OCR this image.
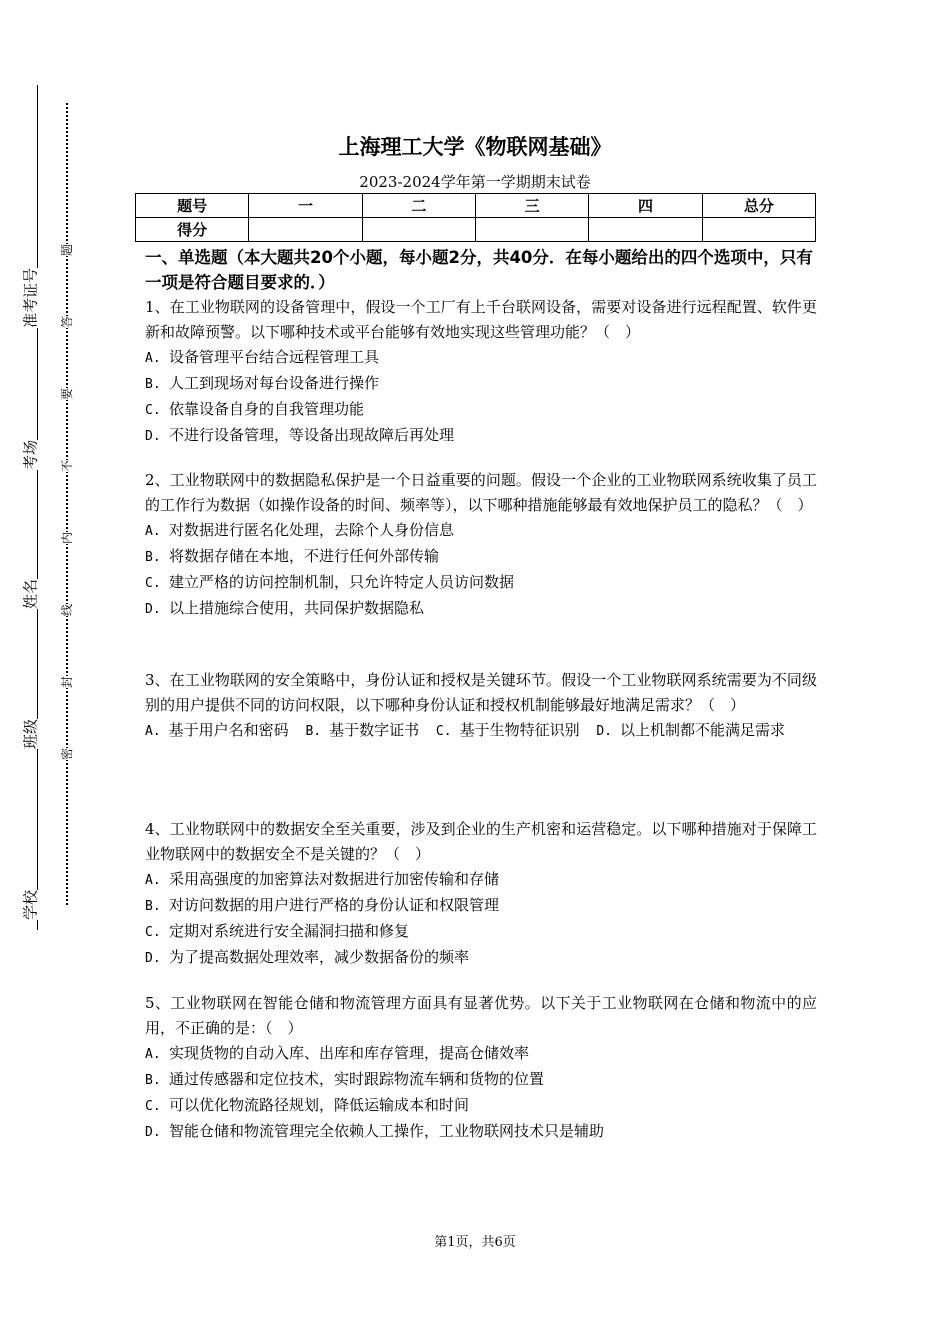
准考证号
考场
姓名
班级
学校
题
答
要
不
内
线
封
密
上海理工大学《物联网基础》
2023-2024学年第一学期期末试卷
题号	一	二	三	四	总分
得分					
一、单选题（本大题共20个小题，每小题2分，共40分．在每小题给出的四个选项中，只有一项是符合题目要求的．）

1、在工业物联网的设备管理中，假设一个工厂有上千台联网设备，需要对设备进行远程配置、软件更新和故障预警。以下哪种技术或平台能够有效地实现这些管理功能？（　）

A. 设备管理平台结合远程管理工具

B. 人工到现场对每台设备进行操作

C. 依靠设备自身的自我管理功能

D. 不进行设备管理，等设备出现故障后再处理

2、工业物联网中的数据隐私保护是一个日益重要的问题。假设一个企业的工业物联网系统收集了员工的工作行为数据（如操作设备的时间、频率等），以下哪种措施能够最有效地保护员工的隐私？（　）

A. 对数据进行匿名化处理，去除个人身份信息

B. 将数据存储在本地，不进行任何外部传输

C. 建立严格的访问控制机制，只允许特定人员访问数据

D. 以上措施综合使用，共同保护数据隐私

3、在工业物联网的安全策略中，身份认证和授权是关键环节。假设一个工业物联网系统需要为不同级别的用户提供不同的访问权限，以下哪种身份认证和授权机制能够最好地满足需求？（　）

A. 基于用户名和密码 B. 基于数字证书 C. 基于生物特征识别 D. 以上机制都不能满足需求

4、工业物联网中的数据安全至关重要，涉及到企业的生产机密和运营稳定。以下哪种措施对于保障工业物联网中的数据安全不是关键的？（　）

A. 采用高强度的加密算法对数据进行加密传输和存储

B. 对访问数据的用户进行严格的身份认证和权限管理

C. 定期对系统进行安全漏洞扫描和修复

D. 为了提高数据处理效率，减少数据备份的频率

5、工业物联网在智能仓储和物流管理方面具有显著优势。以下关于工业物联网在仓储和物流中的应用，不正确的是：（　）

A. 实现货物的自动入库、出库和库存管理，提高仓储效率

B. 通过传感器和定位技术，实时跟踪物流车辆和货物的位置

C. 可以优化物流路径规划，降低运输成本和时间

D. 智能仓储和物流管理完全依赖人工操作，工业物联网技术只是辅助

第1页，共6页
